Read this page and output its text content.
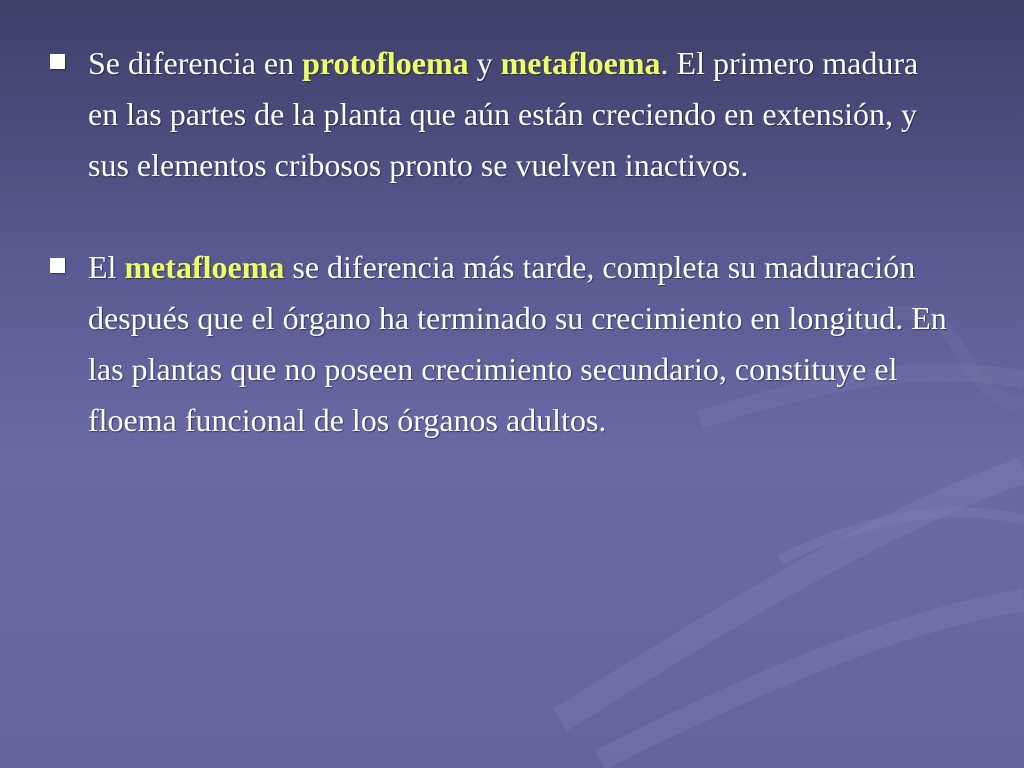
Se diferencia en protofloema y metafloema. El primero madura en las partes de la planta que aún están creciendo en extensión, y sus elementos cribosos pronto se vuelven inactivos.
El metafloema se diferencia más tarde, completa su maduración después que el órgano ha terminado su crecimiento en longitud. En las plantas que no poseen crecimiento secundario, constituye el floema funcional de los órganos adultos.
